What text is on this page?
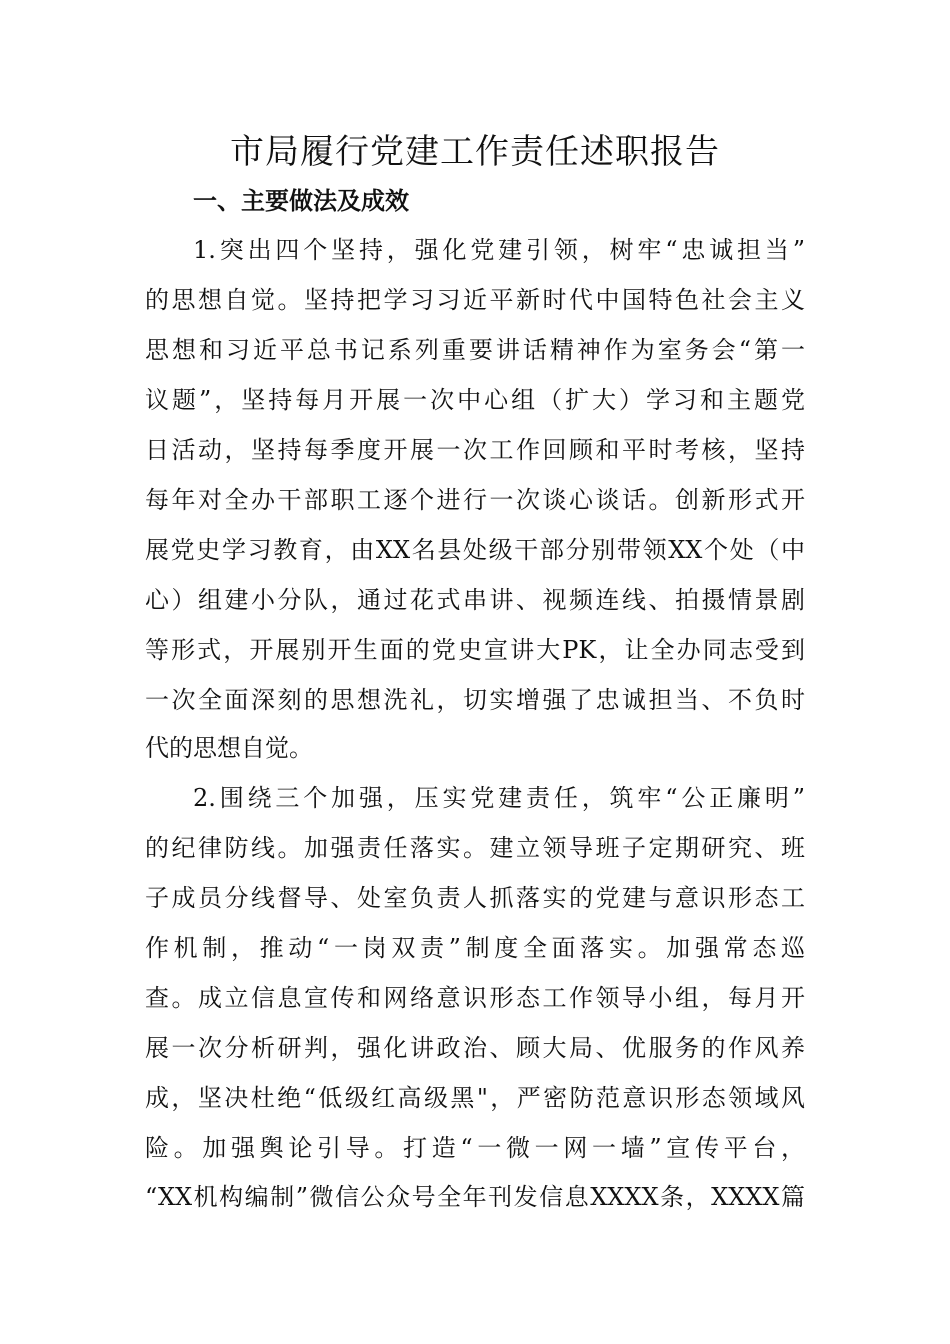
市局履行党建工作责任述职报告
一、主要做法及成效

1.突出四个坚持，强化党建引领，树牢“忠诚担当”

的思想自觉。坚持把学习习近平新时代中国特色社会主义

思想和习近平总书记系列重要讲话精神作为室务会“第一

议题”，坚持每月开展一次中心组（扩大）学习和主题党

日活动，坚持每季度开展一次工作回顾和平时考核，坚持

每年对全办干部职工逐个进行一次谈心谈话。创新形式开

展党史学习教育，由XX名县处级干部分别带领XX个处（中

心）组建小分队，通过花式串讲、视频连线、拍摄情景剧

等形式，开展别开生面的党史宣讲大PK，让全办同志受到

一次全面深刻的思想洗礼，切实增强了忠诚担当、不负时

代的思想自觉。

2.围绕三个加强，压实党建责任，筑牢“公正廉明”

的纪律防线。加强责任落实。建立领导班子定期研究、班

子成员分线督导、处室负责人抓落实的党建与意识形态工

作机制，推动“一岗双责”制度全面落实。加强常态巡

查。成立信息宣传和网络意识形态工作领导小组，每月开

展一次分析研判，强化讲政治、顾大局、优服务的作风养

成，坚决杜绝“低级红高级黑"，严密防范意识形态领域风

险。加强舆论引导。打造“一微一网一墙”宣传平台，

“XX机构编制”微信公众号全年刊发信息XXXX条，XXXX篇
